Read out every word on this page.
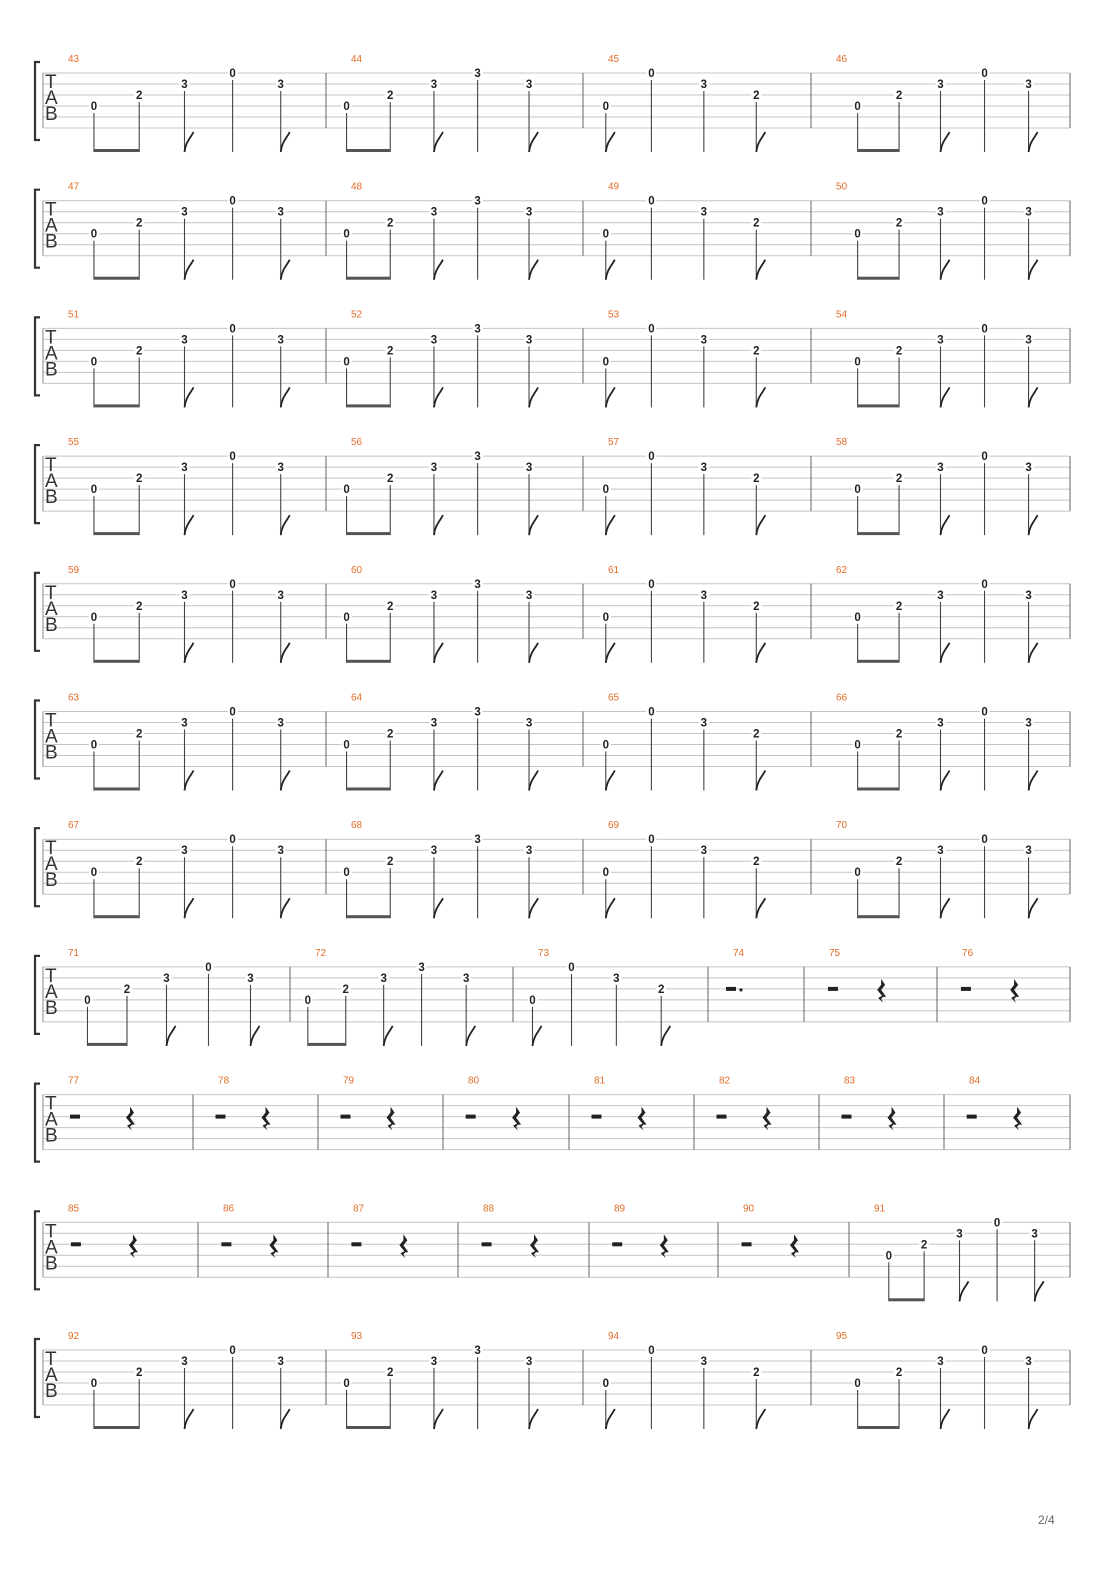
T
A
B
43
0
2
3
0
3
44
0
2
3
3
3
45
0
0
3
2
46
0
2
3
0
3
T
A
B
47
0
2
3
0
3
48
0
2
3
3
3
49
0
0
3
2
50
0
2
3
0
3
T
A
B
51
0
2
3
0
3
52
0
2
3
3
3
53
0
0
3
2
54
0
2
3
0
3
T
A
B
55
0
2
3
0
3
56
0
2
3
3
3
57
0
0
3
2
58
0
2
3
0
3
T
A
B
59
0
2
3
0
3
60
0
2
3
3
3
61
0
0
3
2
62
0
2
3
0
3
T
A
B
63
0
2
3
0
3
64
0
2
3
3
3
65
0
0
3
2
66
0
2
3
0
3
T
A
B
67
0
2
3
0
3
68
0
2
3
3
3
69
0
0
3
2
70
0
2
3
0
3
T
A
B
71
0
2
3
0
3
72
0
2
3
3
3
73
0
0
3
2
74	75	76
T
A
B
77	78	79	80	81	82	83	84
T
A
B
85	86	87	88	89	90	91
0
2
3
0
3
T
A
B
92
0
2
3
0
3
93
0
2
3
3
3
94
0
0
3
2
95
0
2
3
0
3
2/4
